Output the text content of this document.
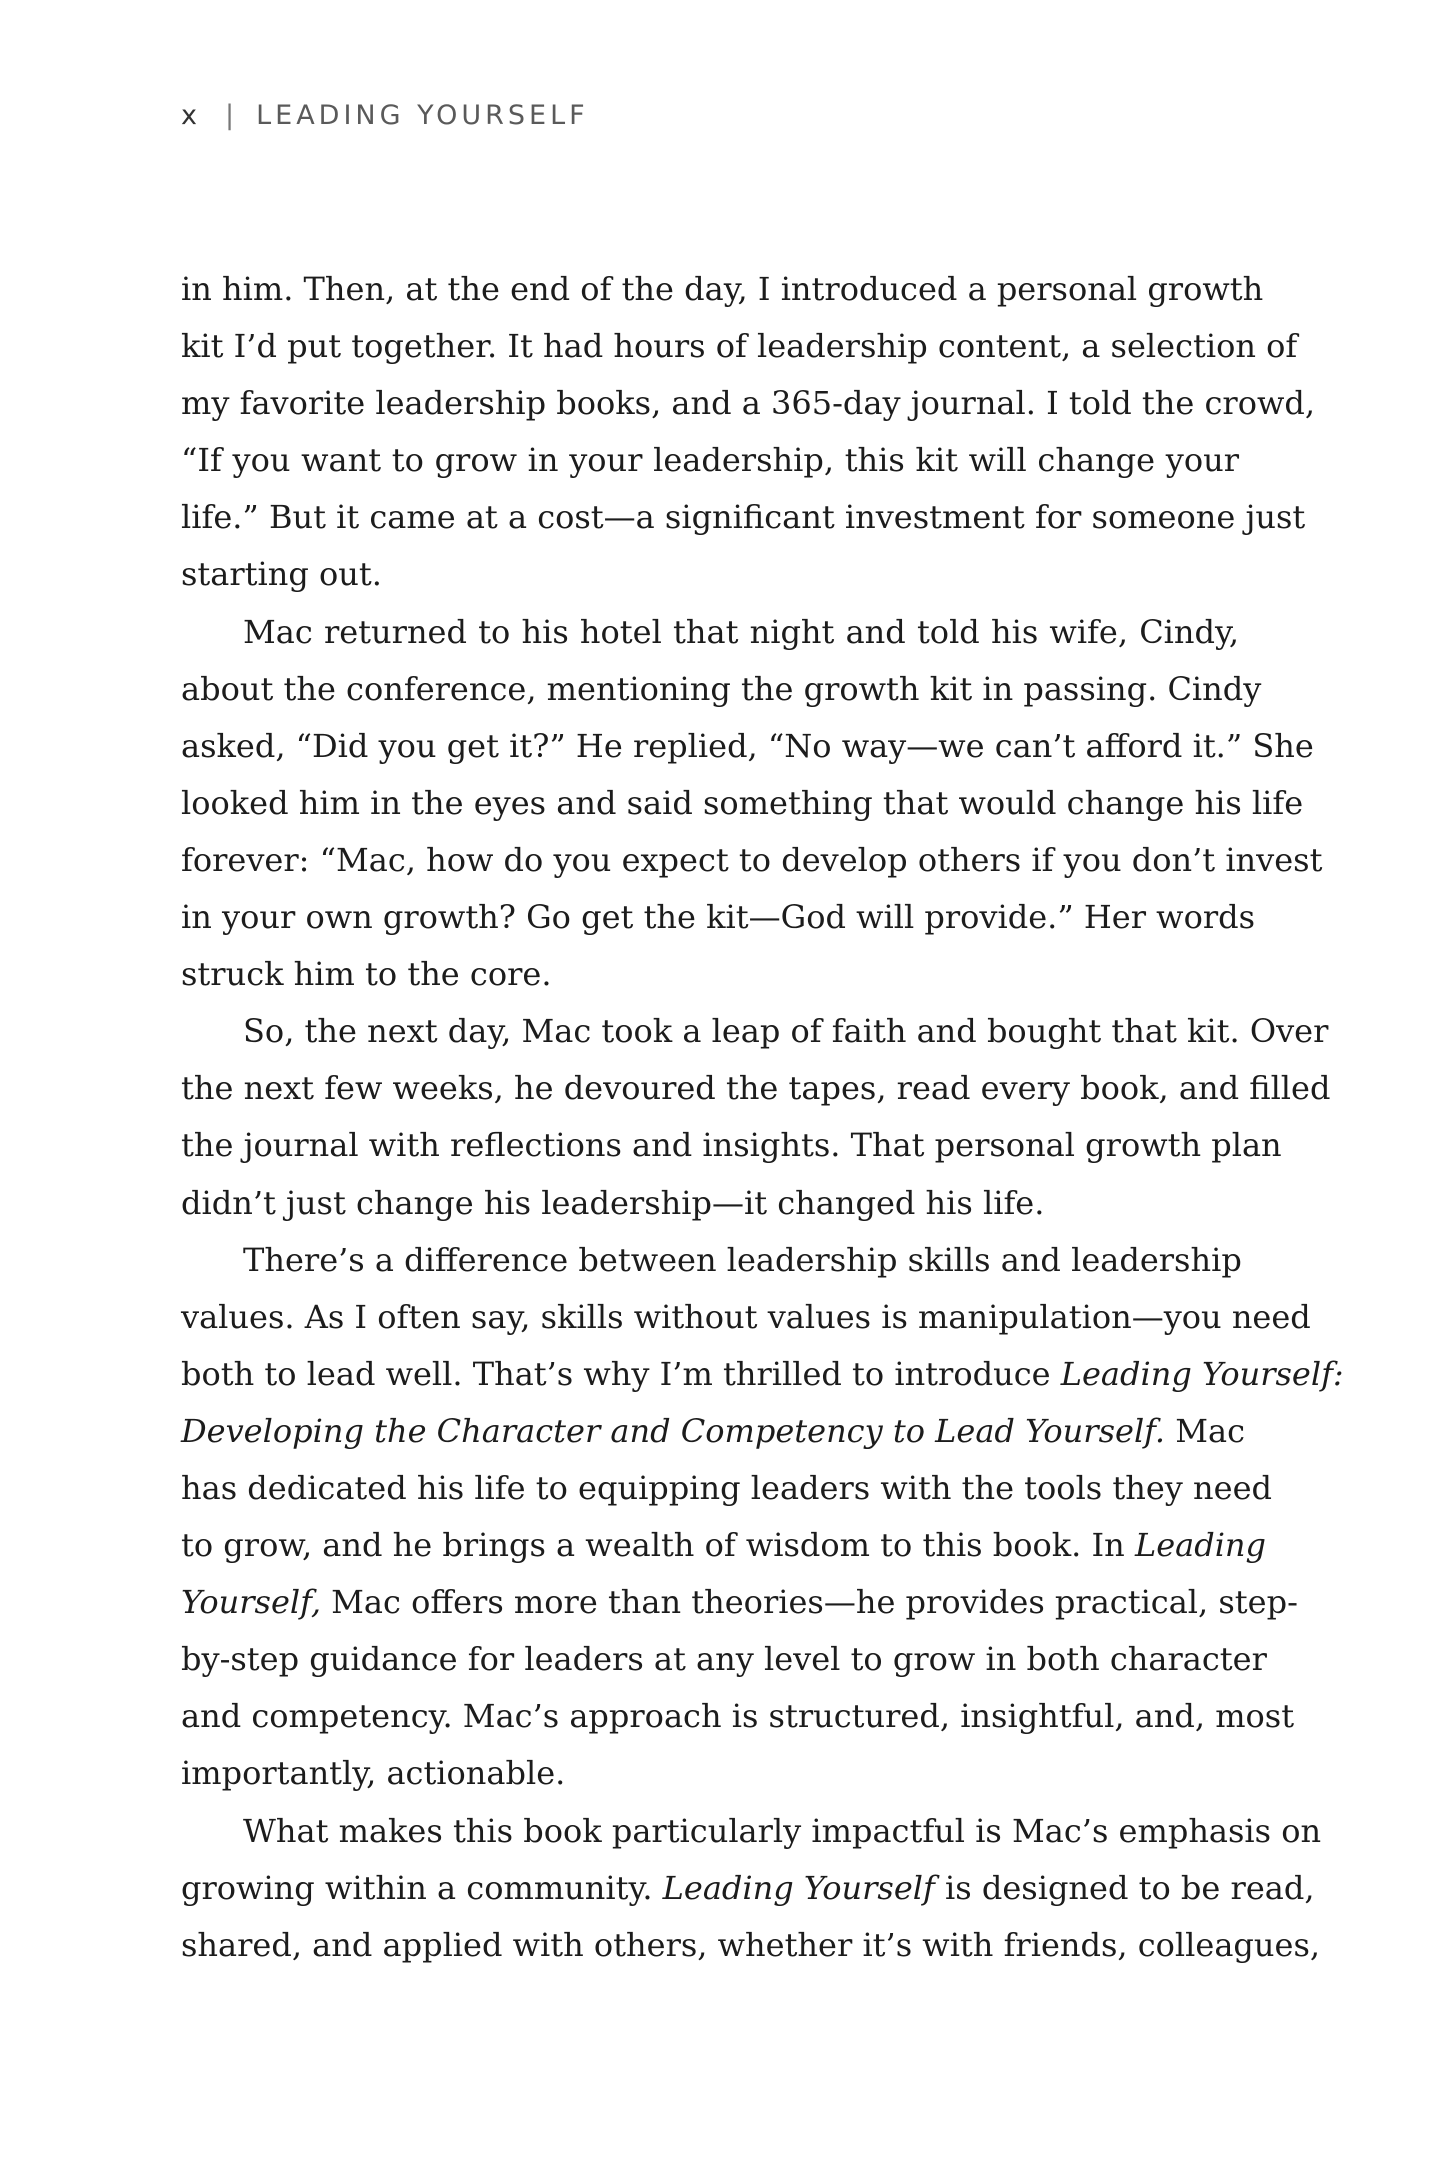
x | LEADING YOURSELF
in him. Then, at the end of the day, I introduced a personal growth
kit I’d put together. It had hours of leadership content, a selection of
my favorite leadership books, and a 365-day journal. I told the crowd,
“If you want to grow in your leadership, this kit will change your
life.” But it came at a cost—a significant investment for someone just
starting out.
Mac returned to his hotel that night and told his wife, Cindy,
about the conference, mentioning the growth kit in passing. Cindy
asked, “Did you get it?” He replied, “No way—we can’t afford it.” She
looked him in the eyes and said something that would change his life
forever: “Mac, how do you expect to develop others if you don’t invest
in your own growth? Go get the kit—God will provide.” Her words
struck him to the core.
So, the next day, Mac took a leap of faith and bought that kit. Over
the next few weeks, he devoured the tapes, read every book, and filled
the journal with reflections and insights. That personal growth plan
didn’t just change his leadership—it changed his life.
There’s a difference between leadership skills and leadership
values. As I often say, skills without values is manipulation—you need
both to lead well. That’s why I’m thrilled to introduce Leading Yourself:
Developing the Character and Competency to Lead Yourself. Mac
has dedicated his life to equipping leaders with the tools they need
to grow, and he brings a wealth of wisdom to this book. In Leading
Yourself, Mac offers more than theories—he provides practical, step-
by-step guidance for leaders at any level to grow in both character
and competency. Mac’s approach is structured, insightful, and, most
importantly, actionable.
What makes this book particularly impactful is Mac’s emphasis on
growing within a community. Leading Yourself is designed to be read,
shared, and applied with others, whether it’s with friends, colleagues,
